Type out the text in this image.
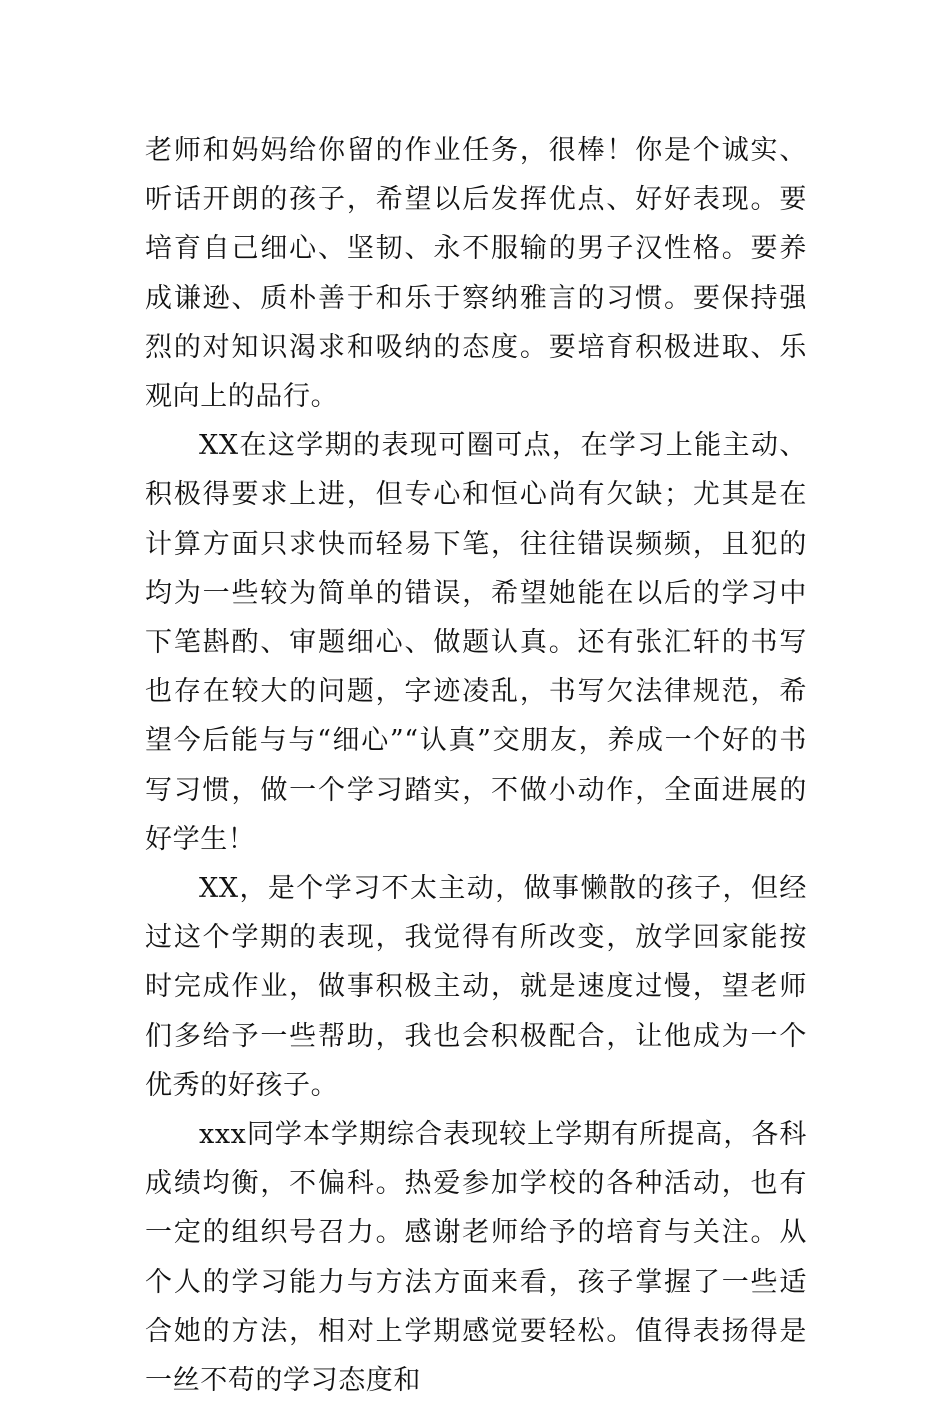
老师和妈妈给你留的作业任务，很棒！你是个诚实、听话开朗的孩子，希望以后发挥优点、好好表现。要培育自己细心、坚韧、永不服输的男子汉性格。要养成谦逊、质朴善于和乐于察纳雅言的习惯。要保持强烈的对知识渴求和吸纳的态度。要培育积极进取、乐观向上的品行。

XX在这学期的表现可圈可点，在学习上能主动、积极得要求上进，但专心和恒心尚有欠缺；尤其是在计算方面只求快而轻易下笔，往往错误频频，且犯的均为一些较为简单的错误，希望她能在以后的学习中下笔斟酌、审题细心、做题认真。还有张汇轩的书写也存在较大的问题，字迹凌乱，书写欠法律规范，希望今后能与与“细心”“认真”交朋友，养成一个好的书写习惯，做一个学习踏实，不做小动作，全面进展的好学生！

XX，是个学习不太主动，做事懒散的孩子，但经过这个学期的表现，我觉得有所改变，放学回家能按时完成作业，做事积极主动，就是速度过慢，望老师们多给予一些帮助，我也会积极配合，让他成为一个优秀的好孩子。

xxx同学本学期综合表现较上学期有所提高，各科成绩均衡，不偏科。热爱参加学校的各种活动，也有一定的组织号召力。感谢老师给予的培育与关注。从个人的学习能力与方法方面来看，孩子掌握了一些适合她的方法，相对上学期感觉要轻松。值得表扬得是一丝不苟的学习态度和
